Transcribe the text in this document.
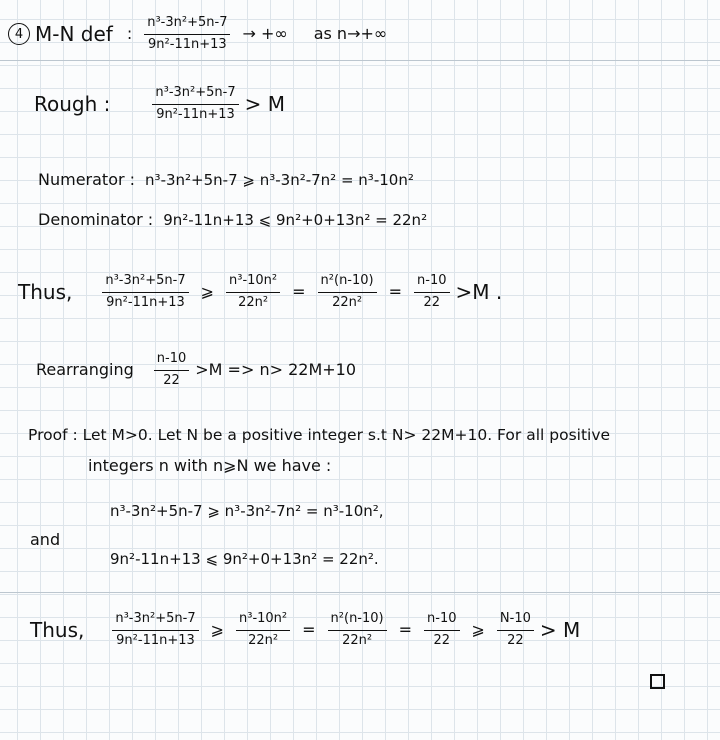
4 M-N def : $\frac{\text{n³-3n²+5n-7}}{\text{9n²-11n+13}}$ → +∞ as n→+∞
Rough :	$\frac{\text{n³-3n²+5n-7}}{\text{9n²-11n+13}} > M$
Numerator : n³-3n²+5n-7 ⩾ n³-3n²-7n² = n³-10n²
Denominator : 9n²-11n+13 ⩽ 9n²+0+13n² = 22n²
Thus, $\frac{\text{n³-3n²+5n-7}}{\text{9n²-11n+13}}$ ⩾ $\frac{\text{n³-10n²}}{\text{22n²}} = \frac{\text{n²(n-10)}}{\text{22n²}} = \frac{n-10}{22} >M$ .
Rearranging $\frac{n-10}{22} >M => n> 22M+10$
Proof : Let M>0. Let N be a positive integer s.t N> 22M+10. For all positive
integers n with n⩾N we have :
n³-3n²+5n-7 ⩾ n³-3n²-7n² = n³-10n²,
and
9n²-11n+13 ⩽ 9n²+0+13n² = 22n².
Thus, $\frac{\text{n³-3n²+5n-7}}{\text{9n²-11n+13}}$ ⩾ $\frac{\text{n³-10n²}}{\text{22n²}} = \frac{\text{n²(n-10)}}{\text{22n²}} = \frac{n-10}{22}$ ⩾ $\frac{N-10}{22} > M$
